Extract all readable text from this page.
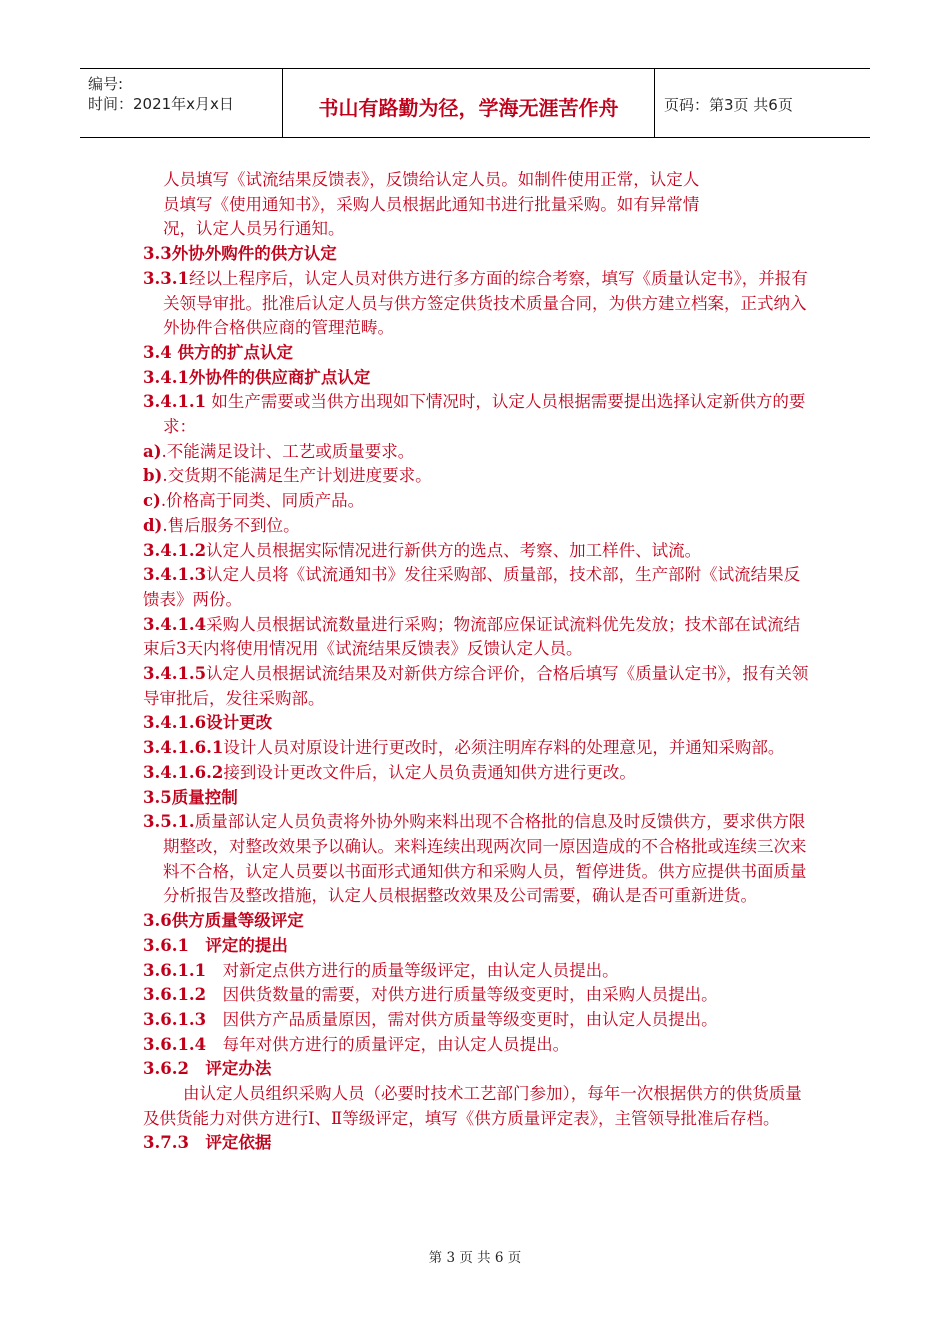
编号:
时间：2021年x月x日	书山有路勤为径，学海无涯苦作舟	页码：第3页 共6页

人员填写《试流结果反馈表》，反馈给认定人员。如制件使用正常，认定人

员填写《使用通知书》，采购人员根据此通知书进行批量采购。如有异常情

况，认定人员另行通知。

3.3外协外购件的供方认定

3.3.1经以上程序后，认定人员对供方进行多方面的综合考察，填写《质量认定书》，并报有关领导审批。批准后认定人员与供方签定供货技术质量合同，为供方建立档案，正式纳入外协件合格供应商的管理范畴。

3.4 供方的扩点认定

3.4.1外协件的供应商扩点认定

3.4.1.1 如生产需要或当供方出现如下情况时，认定人员根据需要提出选择认定新供方的要求：

a).不能满足设计、工艺或质量要求。

b).交货期不能满足生产计划进度要求。

c).价格高于同类、同质产品。

d).售后服务不到位。

3.4.1.2认定人员根据实际情况进行新供方的选点、考察、加工样件、试流。

3.4.1.3认定人员将《试流通知书》发往采购部、质量部，技术部，生产部附《试流结果反馈表》两份。

3.4.1.4采购人员根据试流数量进行采购；物流部应保证试流料优先发放；技术部在试流结束后3天内将使用情况用《试流结果反馈表》反馈认定人员。

3.4.1.5认定人员根据试流结果及对新供方综合评价，合格后填写《质量认定书》，报有关领导审批后，发往采购部。

3.4.1.6设计更改

3.4.1.6.1设计人员对原设计进行更改时，必须注明库存料的处理意见，并通知采购部。

3.4.1.6.2接到设计更改文件后，认定人员负责通知供方进行更改。

3.5质量控制

3.5.1.质量部认定人员负责将外协外购来料出现不合格批的信息及时反馈供方，要求供方限期整改，对整改效果予以确认。来料连续出现两次同一原因造成的不合格批或连续三次来料不合格，认定人员要以书面形式通知供方和采购人员，暂停进货。供方应提供书面质量分析报告及整改措施，认定人员根据整改效果及公司需要，确认是否可重新进货。

3.6供方质量等级评定

3.6.1　评定的提出

3.6.1.1　对新定点供方进行的质量等级评定，由认定人员提出。

3.6.1.2　因供货数量的需要，对供方进行质量等级变更时，由采购人员提出。

3.6.1.3　因供方产品质量原因，需对供方质量等级变更时，由认定人员提出。

3.6.1.4　每年对供方进行的质量评定，由认定人员提出。

3.6.2　评定办法

由认定人员组织采购人员（必要时技术工艺部门参加），每年一次根据供方的供货质量及供货能力对供方进行Ⅰ、Ⅱ等级评定，填写《供方质量评定表》，主管领导批准后存档。

3.7.3　评定依据

第 3 页 共 6 页
